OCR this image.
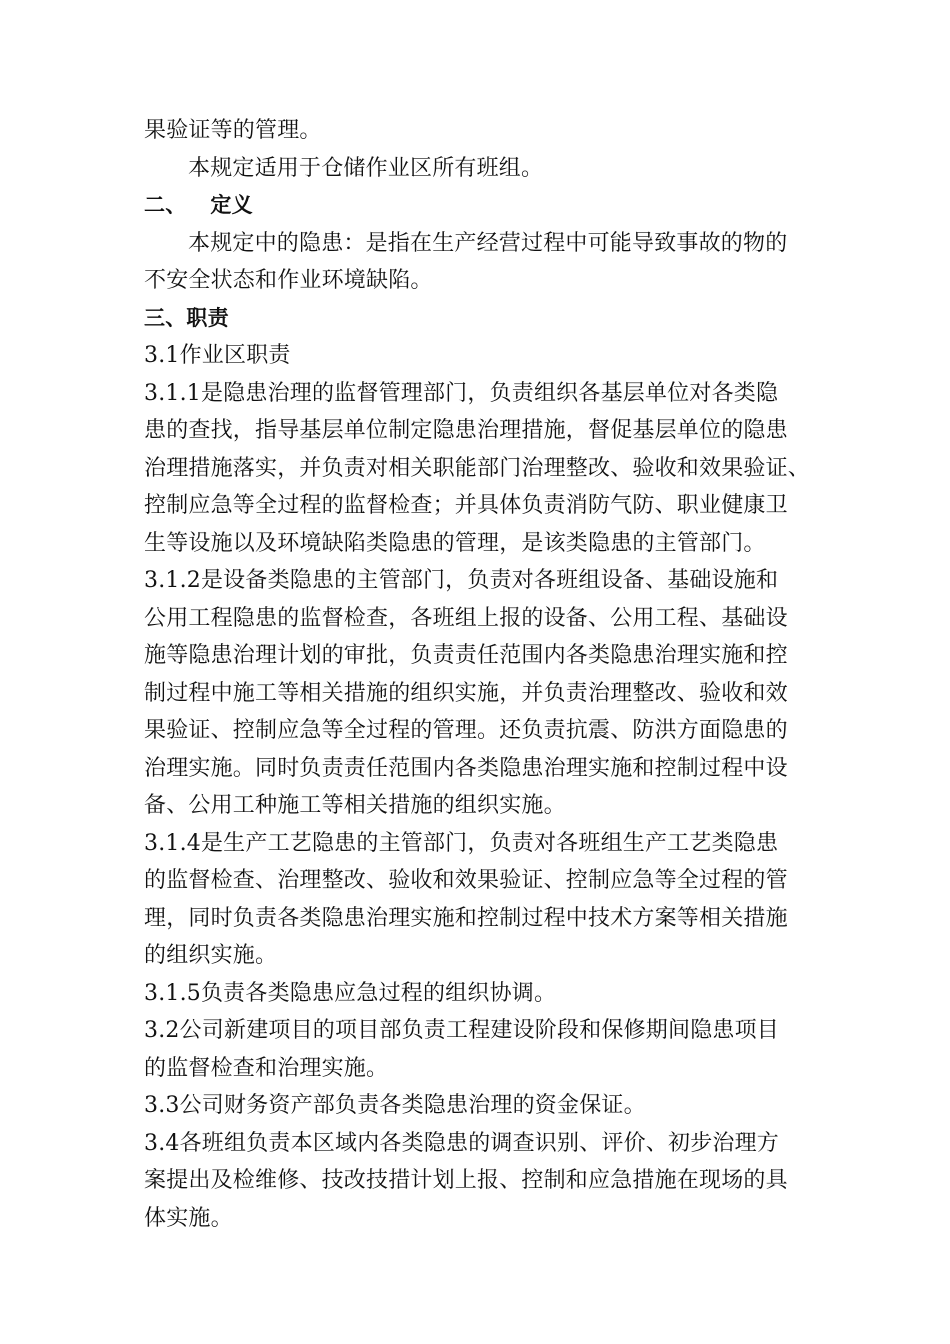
果验证等的管理。
本规定适用于仓储作业区所有班组。
二、 定义
本规定中的隐患：是指在生产经营过程中可能导致事故的物的
不安全状态和作业环境缺陷。
三、职责
3.1作业区职责
3.1.1是隐患治理的监督管理部门，负责组织各基层单位对各类隐
患的查找，指导基层单位制定隐患治理措施，督促基层单位的隐患
治理措施落实，并负责对相关职能部门治理整改、验收和效果验证、
控制应急等全过程的监督检查；并具体负责消防气防、职业健康卫
生等设施以及环境缺陷类隐患的管理，是该类隐患的主管部门。
3.1.2是设备类隐患的主管部门，负责对各班组设备、基础设施和
公用工程隐患的监督检查，各班组上报的设备、公用工程、基础设
施等隐患治理计划的审批，负责责任范围内各类隐患治理实施和控
制过程中施工等相关措施的组织实施，并负责治理整改、验收和效
果验证、控制应急等全过程的管理。还负责抗震、防洪方面隐患的
治理实施。同时负责责任范围内各类隐患治理实施和控制过程中设
备、公用工种施工等相关措施的组织实施。
3.1.4是生产工艺隐患的主管部门，负责对各班组生产工艺类隐患
的监督检查、治理整改、验收和效果验证、控制应急等全过程的管
理，同时负责各类隐患治理实施和控制过程中技术方案等相关措施
的组织实施。
3.1.5负责各类隐患应急过程的组织协调。
3.2公司新建项目的项目部负责工程建设阶段和保修期间隐患项目
的监督检查和治理实施。
3.3公司财务资产部负责各类隐患治理的资金保证。
3.4各班组负责本区域内各类隐患的调查识别、评价、初步治理方
案提出及检维修、技改技措计划上报、控制和应急措施在现场的具
体实施。
